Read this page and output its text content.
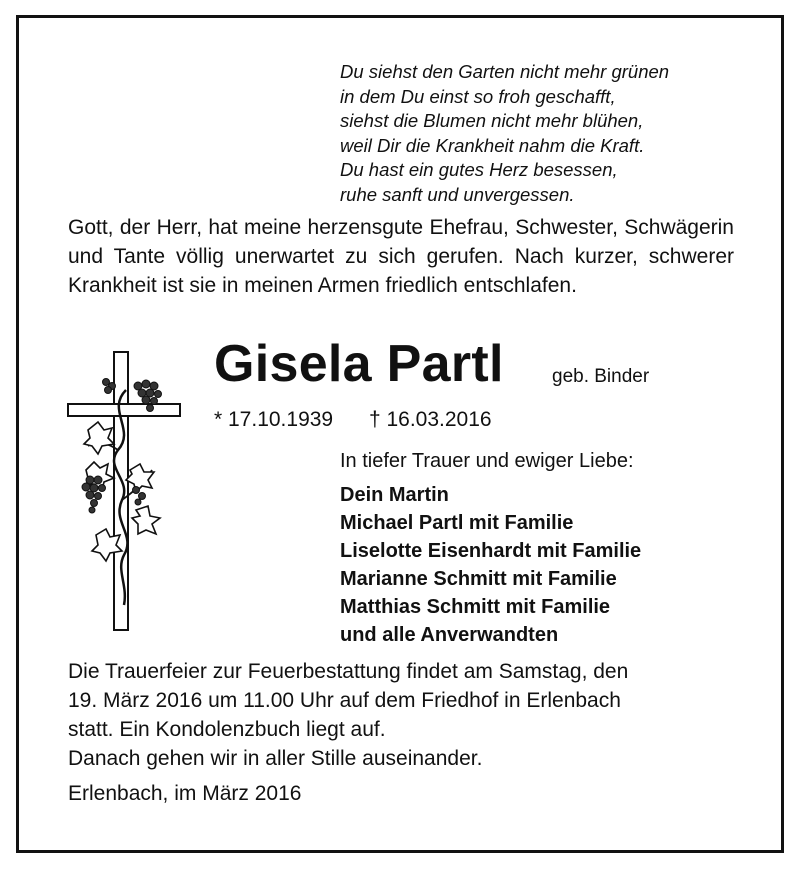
Du siehst den Garten nicht mehr grünen
in dem Du einst so froh geschafft,
siehst die Blumen nicht mehr blühen,
weil Dir die Krankheit nahm die Kraft.
Du hast ein gutes Herz besessen,
ruhe sanft und unvergessen.
Gott, der Herr, hat meine herzensgute Ehefrau, Schwester, Schwägerin und Tante völlig unerwartet zu sich gerufen. Nach kurzer, schwerer Krankheit ist sie in meinen Armen friedlich entschlafen.
Gisela Partl	geb. Binder
* 17.10.1939 † 16.03.2016
In tiefer Trauer und ewiger Liebe:
Dein Martin
Michael Partl mit Familie
Liselotte Eisenhardt mit Familie
Marianne Schmitt mit Familie
Matthias Schmitt mit Familie
und alle Anverwandten
Die Trauerfeier zur Feuerbestattung findet am Samstag, den
19. März 2016 um 11.00 Uhr auf dem Friedhof in Erlenbach
statt. Ein Kondolenzbuch liegt auf.
Danach gehen wir in aller Stille auseinander.
Erlenbach, im März 2016
